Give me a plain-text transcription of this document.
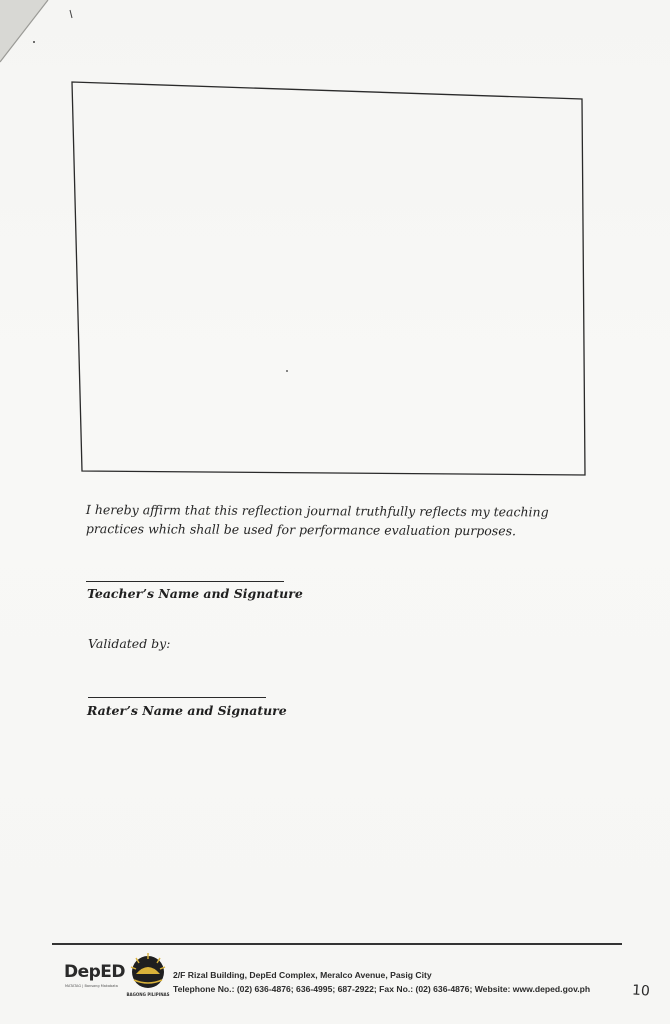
I hereby affirm that this reflection journal truthfully reflects my teaching practices which shall be used for performance evaluation purposes.
Teacher’s Name and Signature
Validated by:
Rater’s Name and Signature
DepED
MATATAG | Bansang Makabata
BAGONG PILIPINAS
2/F Rizal Building, DepEd Complex, Meralco Avenue, Pasig City
Telephone No.: (02) 636-4876; 636-4995; 687-2922; Fax No.: (02) 636-4876; Website: www.deped.gov.ph	10
